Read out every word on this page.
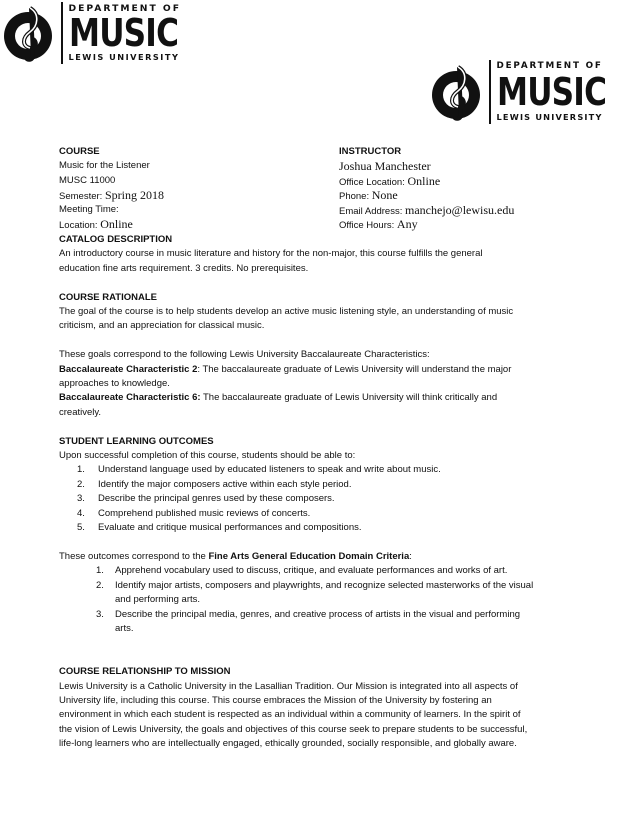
DEPARTMENT OF
MUSIC
LEWIS UNIVERSITY
DEPARTMENT OF
MUSIC
LEWIS UNIVERSITY
COURSE
Music for the Listener
MUSC 11000
Semester: Spring 2018
Meeting Time:
Location: Online
INSTRUCTOR
Joshua Manchester
Office Location: Online
Phone: None
Email Address: manchejo@lewisu.edu
Office Hours: Any
CATALOG DESCRIPTION
An introductory course in music literature and history for the non-major, this course fulfills the general
education fine arts requirement. 3 credits. No prerequisites.
COURSE RATIONALE
The goal of the course is to help students develop an active music listening style, an understanding of music
criticism, and an appreciation for classical music.
These goals correspond to the following Lewis University Baccalaureate Characteristics:
Baccalaureate Characteristic 2: The baccalaureate graduate of Lewis University will understand the major
approaches to knowledge.
Baccalaureate Characteristic 6: The baccalaureate graduate of Lewis University will think critically and
creatively.
STUDENT LEARNING OUTCOMES
Upon successful completion of this course, students should be able to:
1. Understand language used by educated listeners to speak and write about music.
2. Identify the major composers active within each style period.
3. Describe the principal genres used by these composers.
4. Comprehend published music reviews of concerts.
5. Evaluate and critique musical performances and compositions.
These outcomes correspond to the Fine Arts General Education Domain Criteria:
1. Apprehend vocabulary used to discuss, critique, and evaluate performances and works of art.
2. Identify major artists, composers and playwrights, and recognize selected masterworks of the visual
and performing arts.
3. Describe the principal media, genres, and creative process of artists in the visual and performing
arts.
COURSE RELATIONSHIP TO MISSION
Lewis University is a Catholic University in the Lasallian Tradition. Our Mission is integrated into all aspects of
University life, including this course. This course embraces the Mission of the University by fostering an
environment in which each student is respected as an individual within a community of learners. In the spirit of
the vision of Lewis University, the goals and objectives of this course seek to prepare students to be successful,
life-long learners who are intellectually engaged, ethically grounded, socially responsible, and globally aware.
